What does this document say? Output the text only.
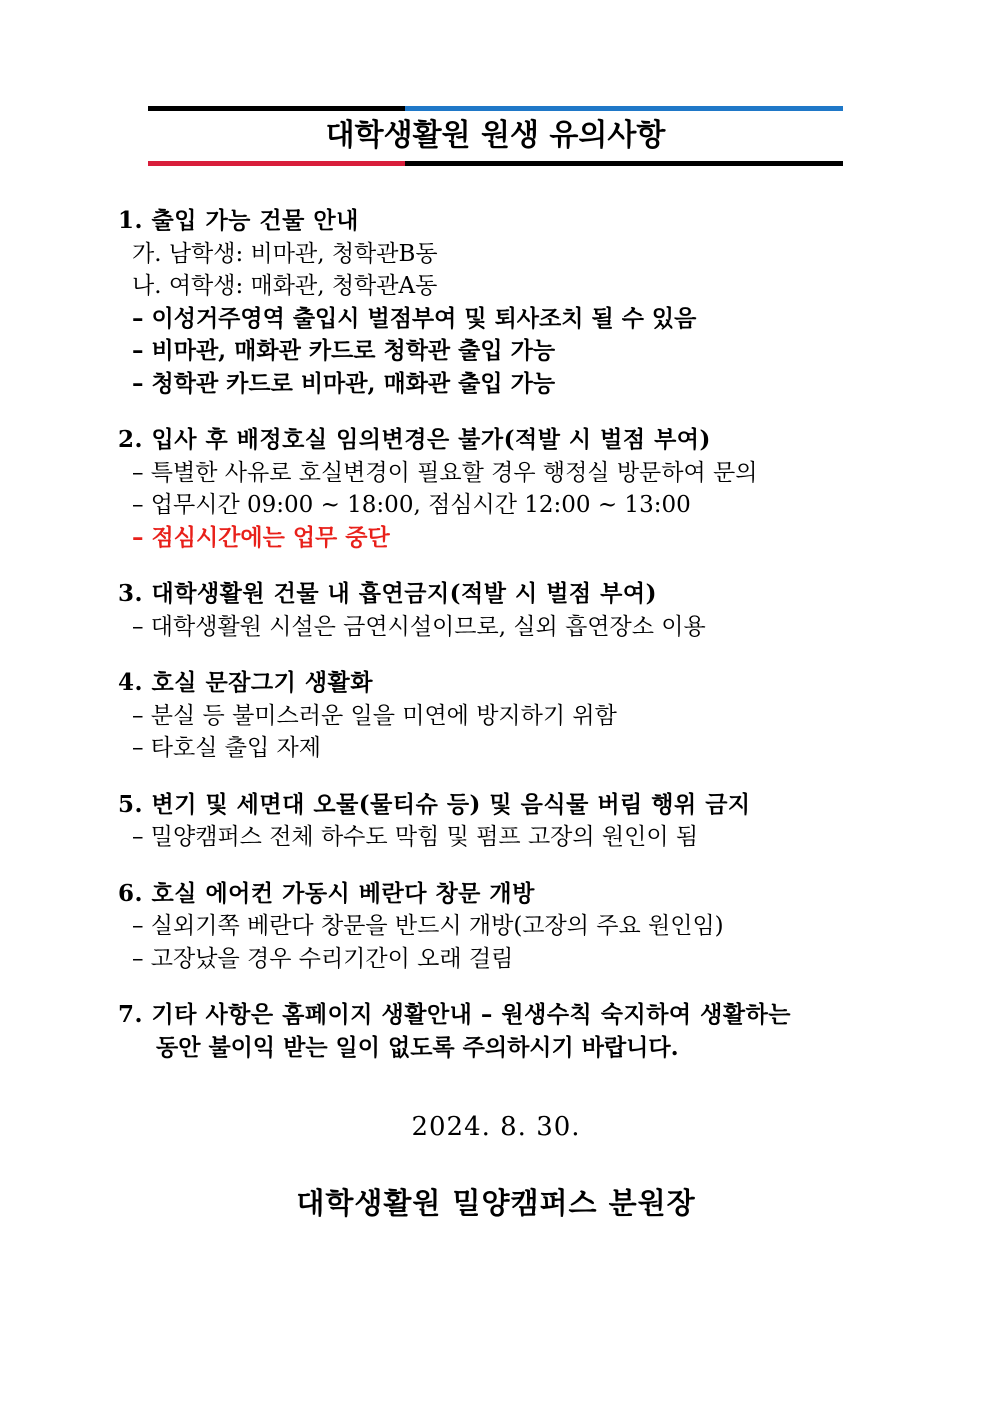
대학생활원 원생 유의사항
1. 출입 가능 건물 안내
가. 남학생: 비마관, 청학관B동
나. 여학생: 매화관, 청학관A동
– 이성거주영역 출입시 벌점부여 및 퇴사조치 될 수 있음
– 비마관, 매화관 카드로 청학관 출입 가능
– 청학관 카드로 비마관, 매화관 출입 가능
2. 입사 후 배정호실 임의변경은 불가(적발 시 벌점 부여)
– 특별한 사유로 호실변경이 필요할 경우 행정실 방문하여 문의
– 업무시간 09:00 ~ 18:00, 점심시간 12:00 ~ 13:00
– 점심시간에는 업무 중단
3. 대학생활원 건물 내 흡연금지(적발 시 벌점 부여)
– 대학생활원 시설은 금연시설이므로, 실외 흡연장소 이용
4. 호실 문잠그기 생활화
– 분실 등 불미스러운 일을 미연에 방지하기 위함
– 타호실 출입 자제
5. 변기 및 세면대 오물(물티슈 등) 및 음식물 버림 행위 금지
– 밀양캠퍼스 전체 하수도 막힘 및 펌프 고장의 원인이 됨
6. 호실 에어컨 가동시 베란다 창문 개방
– 실외기쪽 베란다 창문을 반드시 개방(고장의 주요 원인임)
– 고장났을 경우 수리기간이 오래 걸림
7. 기타 사항은 홈페이지 생활안내 – 원생수칙 숙지하여 생활하는
동안 불이익 받는 일이 없도록 주의하시기 바랍니다.
2024. 8. 30.
대학생활원 밀양캠퍼스 분원장
